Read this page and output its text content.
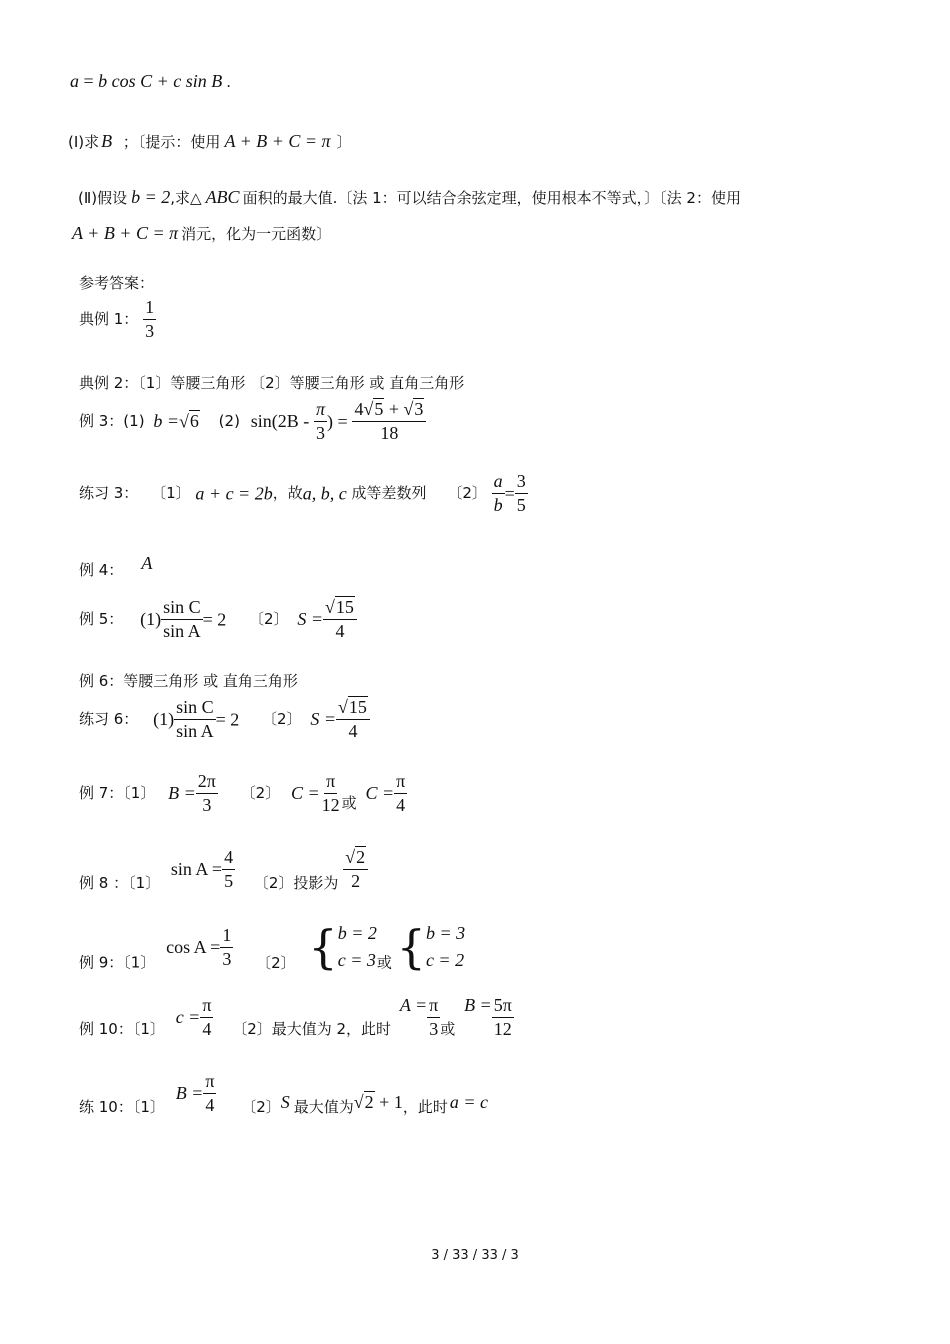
a = b cos C + c sin B .
(Ⅰ)求 B ；〔提示：使用 A + B + C = π 〕
(Ⅱ)假设 b = 2,求△ ABC 面积的最大值.〔法 1：可以结合余弦定理，使用根本不等式，〕〔法 2：使用
A + B + C = π 消元，化为一元函数〕
参考答案：
典例 1： $\frac{1}{3}$
典例 2：〔1〕等腰三角形 〔2〕等腰三角形 或 直角三角形
例 3：(1) b =√6 (2) $\sin(2B - \frac{\pi}{3}$ ) = $\frac{4√5 + √3}{18}$
练习 3： 〔1〕 a + c = 2b，故a, b, c 成等差数列 〔2〕 $\frac{a}{b} = \frac{3}{5}$
例 4： A
例 5： $(1) \frac{\text{sin C}}{\text{sin A}} = 2$ 〔2〕 $S = \frac{√15}{4}$
例 6：等腰三角形 或 直角三角形
练习 6： $(1) \frac{\text{sin C}}{\text{sin A}} = 2$ 〔2〕 $S = \frac{√15}{4}$
例 7：〔1〕 $B = \frac{2\pi}{3}$ 〔2〕 $C = \frac{\pi}{12}$ 或 $C = \frac{\pi}{4}$
例 8 ：〔1〕 $\sin A = \frac{4}{5}$ 〔2〕投影为 $\frac{√2}{2}$
例 9：〔1〕 $\cos A = \frac{1}{3}$ 〔2〕 { b = 2
c = 3 或 { b = 3
c = 2
例 10：〔1〕 $c = \frac{\pi}{4}$ 〔2〕最大值为 2，此时 $A = \frac{\pi}{3}$ 或 $B = \frac{5\pi}{12}$
练 10：〔1〕 $B = \frac{\pi}{4}$ 〔2〕S 最大值为√2 + 1，此时 a = c
3 / 33 / 33 / 3
